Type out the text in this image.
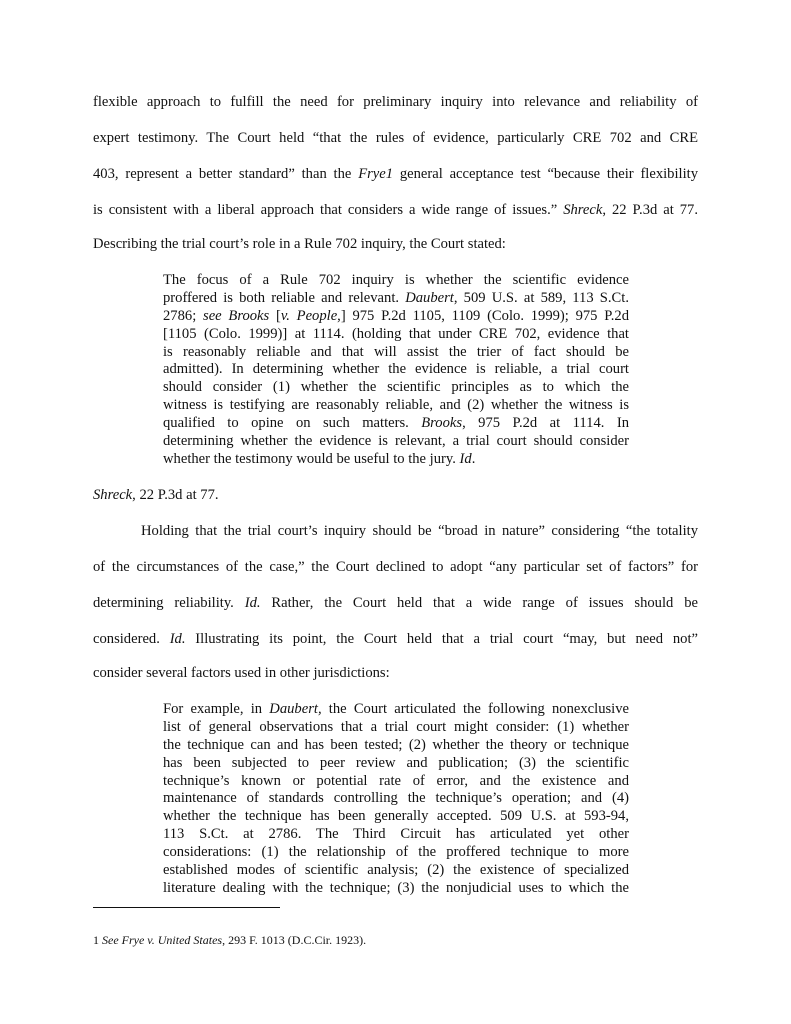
flexible approach to fulfill the need for preliminary inquiry into relevance and reliability of
expert testimony. The Court held “that the rules of evidence, particularly CRE 702 and CRE
403, represent a better standard” than the Frye1 general acceptance test “because their flexibility
is consistent with a liberal approach that considers a wide range of issues.” Shreck, 22 P.3d at 77.
Describing the trial court’s role in a Rule 702 inquiry, the Court stated:
The focus of a Rule 702 inquiry is whether the scientific evidence
proffered is both reliable and relevant. Daubert, 509 U.S. at 589, 113 S.Ct.
2786; see Brooks [v. People,] 975 P.2d 1105, 1109 (Colo. 1999); 975 P.2d
[1105 (Colo. 1999)] at 1114. (holding that under CRE 702, evidence that
is reasonably reliable and that will assist the trier of fact should be
admitted). In determining whether the evidence is reliable, a trial court
should consider (1) whether the scientific principles as to which the
witness is testifying are reasonably reliable, and (2) whether the witness is
qualified to opine on such matters. Brooks, 975 P.2d at 1114. In
determining whether the evidence is relevant, a trial court should consider
whether the testimony would be useful to the jury. Id.
Shreck, 22 P.3d at 77.
Holding that the trial court’s inquiry should be “broad in nature” considering “the totality
of the circumstances of the case,” the Court declined to adopt “any particular set of factors” for
determining reliability. Id. Rather, the Court held that a wide range of issues should be
considered. Id. Illustrating its point, the Court held that a trial court “may, but need not”
consider several factors used in other jurisdictions:
For example, in Daubert, the Court articulated the following nonexclusive
list of general observations that a trial court might consider: (1) whether
the technique can and has been tested; (2) whether the theory or technique
has been subjected to peer review and publication; (3) the scientific
technique’s known or potential rate of error, and the existence and
maintenance of standards controlling the technique’s operation; and (4)
whether the technique has been generally accepted. 509 U.S. at 593-94,
113 S.Ct. at 2786. The Third Circuit has articulated yet other
considerations: (1) the relationship of the proffered technique to more
established modes of scientific analysis; (2) the existence of specialized
literature dealing with the technique; (3) the nonjudicial uses to which the
1 See Frye v. United States, 293 F. 1013 (D.C.Cir. 1923).
